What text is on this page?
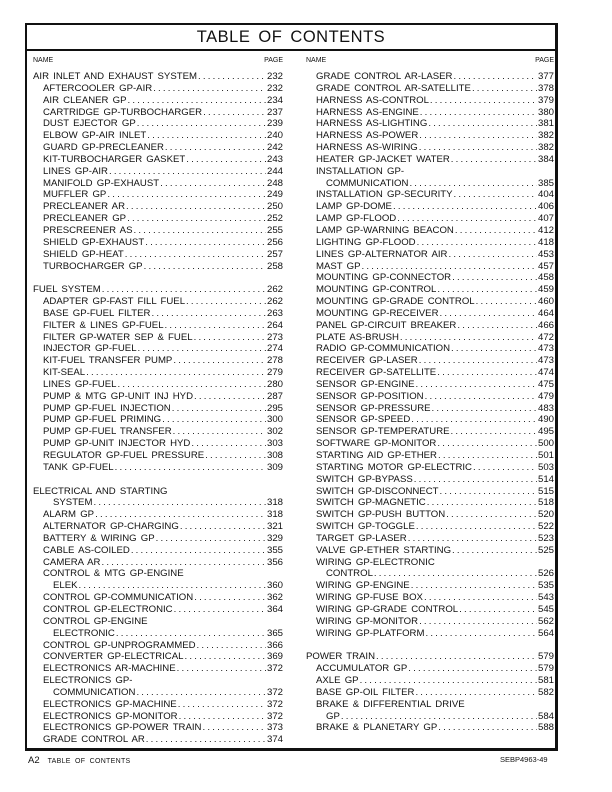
TABLE OF CONTENTS
NAME	PAGE
AIR INLET AND EXHAUST SYSTEM .....	232
AFTERCOOLER GP-AIR .....	232
AIR CLEANER GP .....	234
CARTRIDGE GP-TURBOCHARGER .....	237
DUST EJECTOR GP .....	239
ELBOW GP-AIR INLET .....	240
GUARD GP-PRECLEANER .....	242
KIT-TURBOCHARGER GASKET .....	243
LINES GP-AIR .....	244
MANIFOLD GP-EXHAUST .....	248
MUFFLER GP .....	249
PRECLEANER AR .....	250
PRECLEANER GP .....	252
PRESCREENER AS .....	255
SHIELD GP-EXHAUST .....	256
SHIELD GP-HEAT .....	257
TURBOCHARGER GP .....	258
FUEL SYSTEM .....	262
ADAPTER GP-FAST FILL FUEL .....	262
BASE GP-FUEL FILTER .....	263
FILTER & LINES GP-FUEL .....	264
FILTER GP-WATER SEP & FUEL .....	273
INJECTOR GP-FUEL .....	274
KIT-FUEL TRANSFER PUMP .....	278
KIT-SEAL .....	279
LINES GP-FUEL .....	280
PUMP & MTG GP-UNIT INJ HYD .....	287
PUMP GP-FUEL INJECTION .....	295
PUMP GP-FUEL PRIMING .....	300
PUMP GP-FUEL TRANSFER .....	302
PUMP GP-UNIT INJECTOR HYD .....	303
REGULATOR GP-FUEL PRESSURE .....	308
TANK GP-FUEL .....	309
ELECTRICAL AND STARTING
SYSTEM .....	318
ALARM GP .....	318
ALTERNATOR GP-CHARGING .....	321
BATTERY & WIRING GP .....	329
CABLE AS-COILED .....	355
CAMERA AR .....	356
CONTROL & MTG GP-ENGINE
ELEK .....	360
CONTROL GP-COMMUNICATION .....	362
CONTROL GP-ELECTRONIC .....	364
CONTROL GP-ENGINE
ELECTRONIC .....	365
CONTROL GP-UNPROGRAMMED .....	366
CONVERTER GP-ELECTRICAL .....	369
ELECTRONICS AR-MACHINE .....	372
ELECTRONICS GP-
COMMUNICATION .....	372
ELECTRONICS GP-MACHINE .....	372
ELECTRONICS GP-MONITOR .....	372
ELECTRONICS GP-POWER TRAIN .....	373
GRADE CONTROL AR .....	374
NAME	PAGE
GRADE CONTROL AR-LASER .....	377
GRADE CONTROL AR-SATELLITE .....	378
HARNESS AS-CONTROL .....	379
HARNESS AS-ENGINE .....	380
HARNESS AS-LIGHTING .....	381
HARNESS AS-POWER .....	382
HARNESS AS-WIRING .....	382
HEATER GP-JACKET WATER .....	384
INSTALLATION GP-
COMMUNICATION .....	385
INSTALLATION GP-SECURITY .....	404
LAMP GP-DOME .....	406
LAMP GP-FLOOD .....	407
LAMP GP-WARNING BEACON .....	412
LIGHTING GP-FLOOD .....	418
LINES GP-ALTERNATOR AIR .....	453
MAST GP .....	457
MOUNTING GP-CONNECTOR .....	458
MOUNTING GP-CONTROL .....	459
MOUNTING GP-GRADE CONTROL .....	460
MOUNTING GP-RECEIVER .....	464
PANEL GP-CIRCUIT BREAKER .....	466
PLATE AS-BRUSH .....	472
RADIO GP-COMMUNICATION .....	473
RECEIVER GP-LASER .....	473
RECEIVER GP-SATELLITE .....	474
SENSOR GP-ENGINE .....	475
SENSOR GP-POSITION .....	479
SENSOR GP-PRESSURE .....	483
SENSOR GP-SPEED .....	490
SENSOR GP-TEMPERATURE .....	495
SOFTWARE GP-MONITOR .....	500
STARTING AID GP-ETHER .....	501
STARTING MOTOR GP-ELECTRIC .....	503
SWITCH GP-BYPASS .....	514
SWITCH GP-DISCONNECT .....	515
SWITCH GP-MAGNETIC .....	518
SWITCH GP-PUSH BUTTON .....	520
SWITCH GP-TOGGLE .....	522
TARGET GP-LASER .....	523
VALVE GP-ETHER STARTING .....	525
WIRING GP-ELECTRONIC
CONTROL .....	526
WIRING GP-ENGINE .....	535
WIRING GP-FUSE BOX .....	543
WIRING GP-GRADE CONTROL .....	545
WIRING GP-MONITOR .....	562
WIRING GP-PLATFORM .....	564
POWER TRAIN .....	579
ACCUMULATOR GP .....	579
AXLE GP .....	581
BASE GP-OIL FILTER .....	582
BRAKE & DIFFERENTIAL DRIVE
GP .....	584
BRAKE & PLANETARY GP .....	588
A2 TABLE OF CONTENTS	SEBP4963-49
